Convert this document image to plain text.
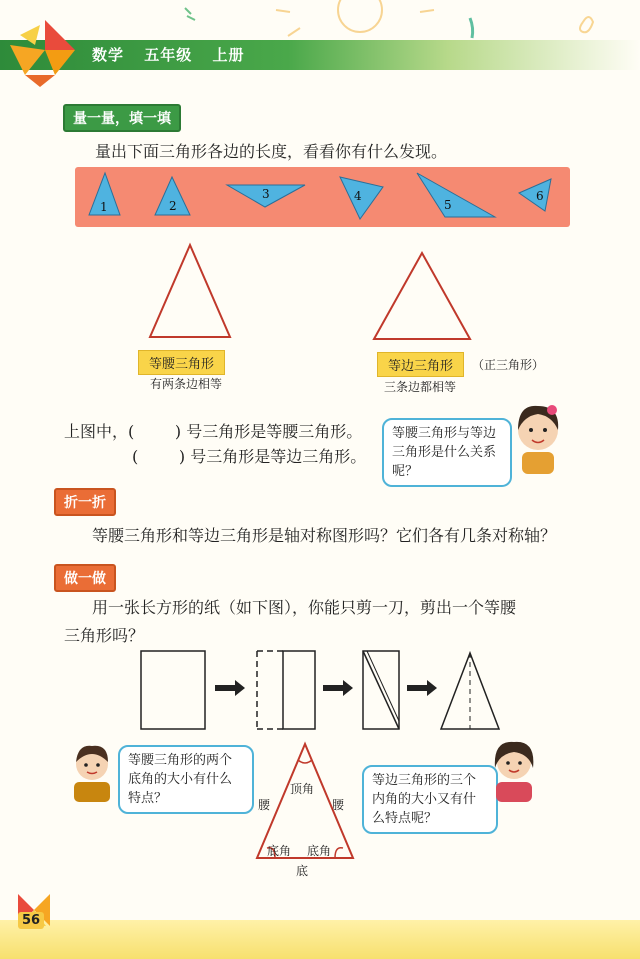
数学 五年级 上册
量一量，填一填
量出下面三角形各边的长度，看看你有什么发现。
1	2
3	4
5
6
等腰三角形
有两条边相等
等边三角形	（正三角形）
三条边都相等
上图中，(        ) 号三角形是等腰三角形。
(        ) 号三角形是等边三角形。
等腰三角形与等边三角形是什么关系呢？
折一折
等腰三角形和等边三角形是轴对称图形吗？它们各有几条对称轴？
做一做
用一张长方形的纸（如下图），你能只剪一刀，剪出一个等腰
三角形吗？
顶角
腰	腰
底角 底角
底
等腰三角形的两个底角的大小有什么特点？
等边三角形的三个内角的大小又有什么特点呢？
56
